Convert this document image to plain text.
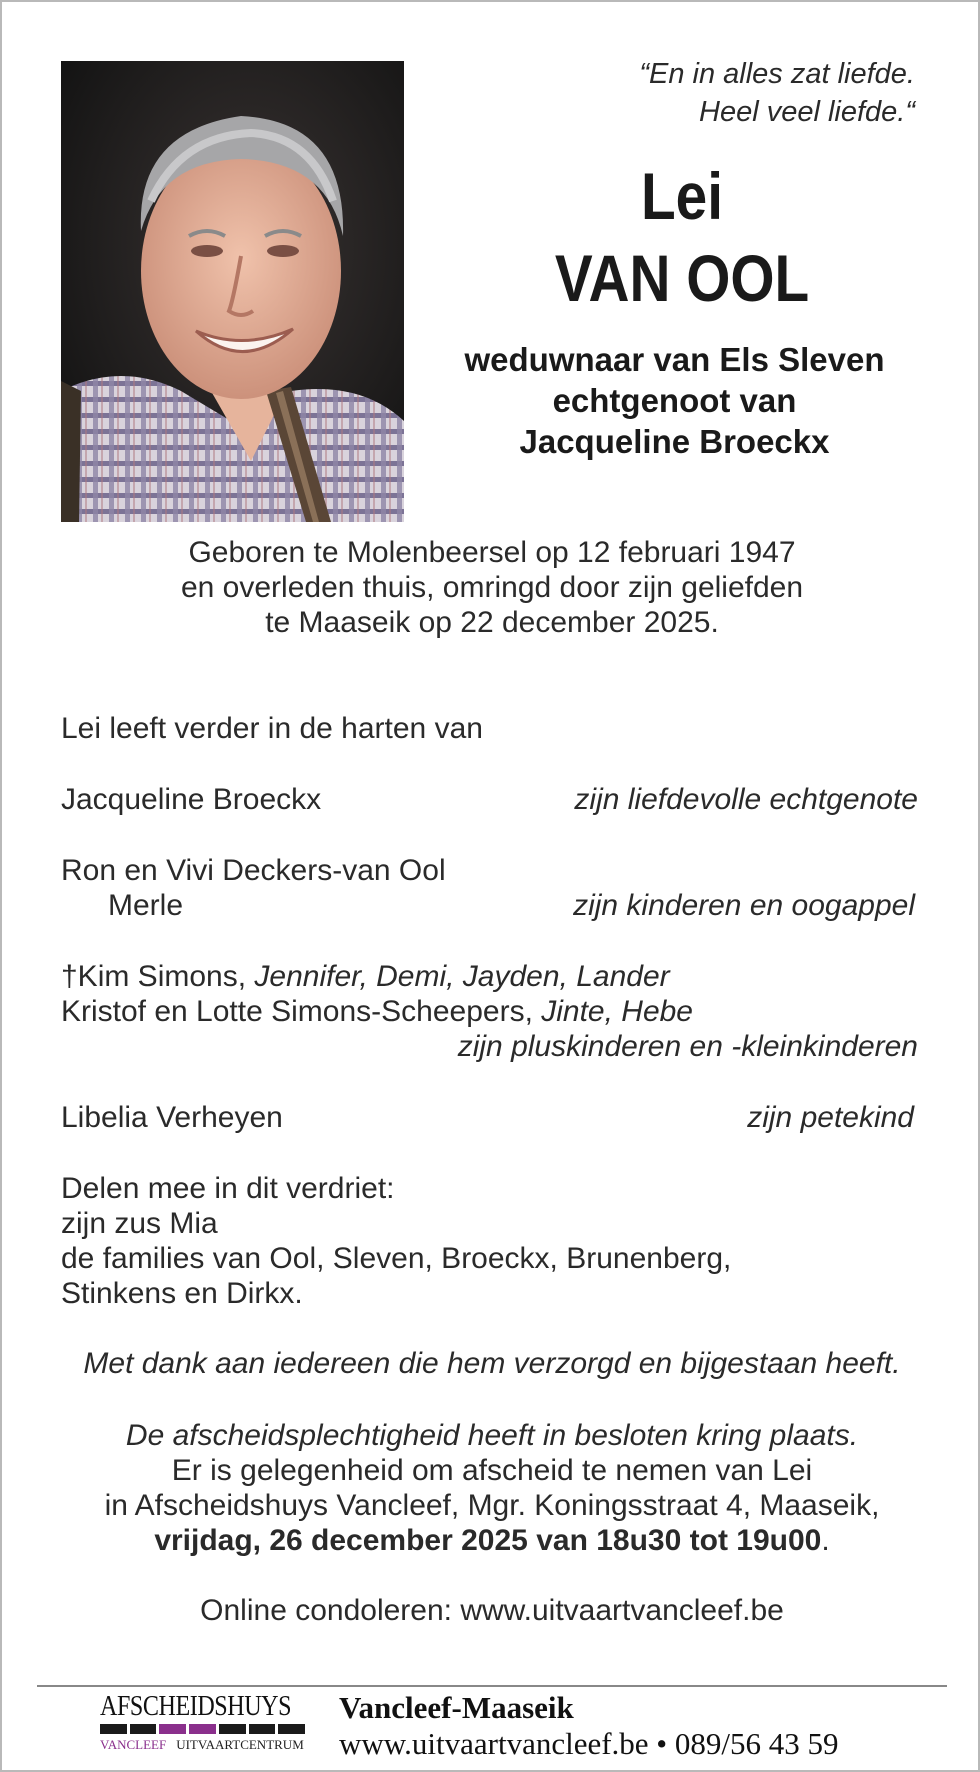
“En in alles zat liefde.
Heel veel liefde.“
Lei
VAN OOL
weduwnaar van Els Sleven
echtgenoot van
Jacqueline Broeckx
Geboren te Molenbeersel op 12 februari 1947
en overleden thuis, omringd door zijn geliefden
te Maaseik op 22 december 2025.
Lei leeft verder in de harten van
Jacqueline Broeckx	zijn liefdevolle echtgenote
Ron en Vivi Deckers-van Ool
Merle	zijn kinderen en oogappel
†Kim Simons, Jennifer, Demi, Jayden, Lander
Kristof en Lotte Simons-Scheepers, Jinte, Hebe
zijn pluskinderen en -kleinkinderen
Libelia Verheyen	zijn petekind
Delen mee in dit verdriet:
zijn zus Mia
de families van Ool, Sleven, Broeckx, Brunenberg,
Stinkens en Dirkx.
Met dank aan iedereen die hem verzorgd en bijgestaan heeft.
De afscheidsplechtigheid heeft in besloten kring plaats.
Er is gelegenheid om afscheid te nemen van Lei
in Afscheidshuys Vancleef, Mgr. Koningsstraat 4, Maaseik,
vrijdag, 26 december 2025 van 18u30 tot 19u00.
Online condoleren: www.uitvaartvancleef.be
AFSCHEIDSHUYS
VANCLEEF UITVAARTCENTRUM
Vancleef-Maaseik
www.uitvaartvancleef.be • 089/56 43 59
